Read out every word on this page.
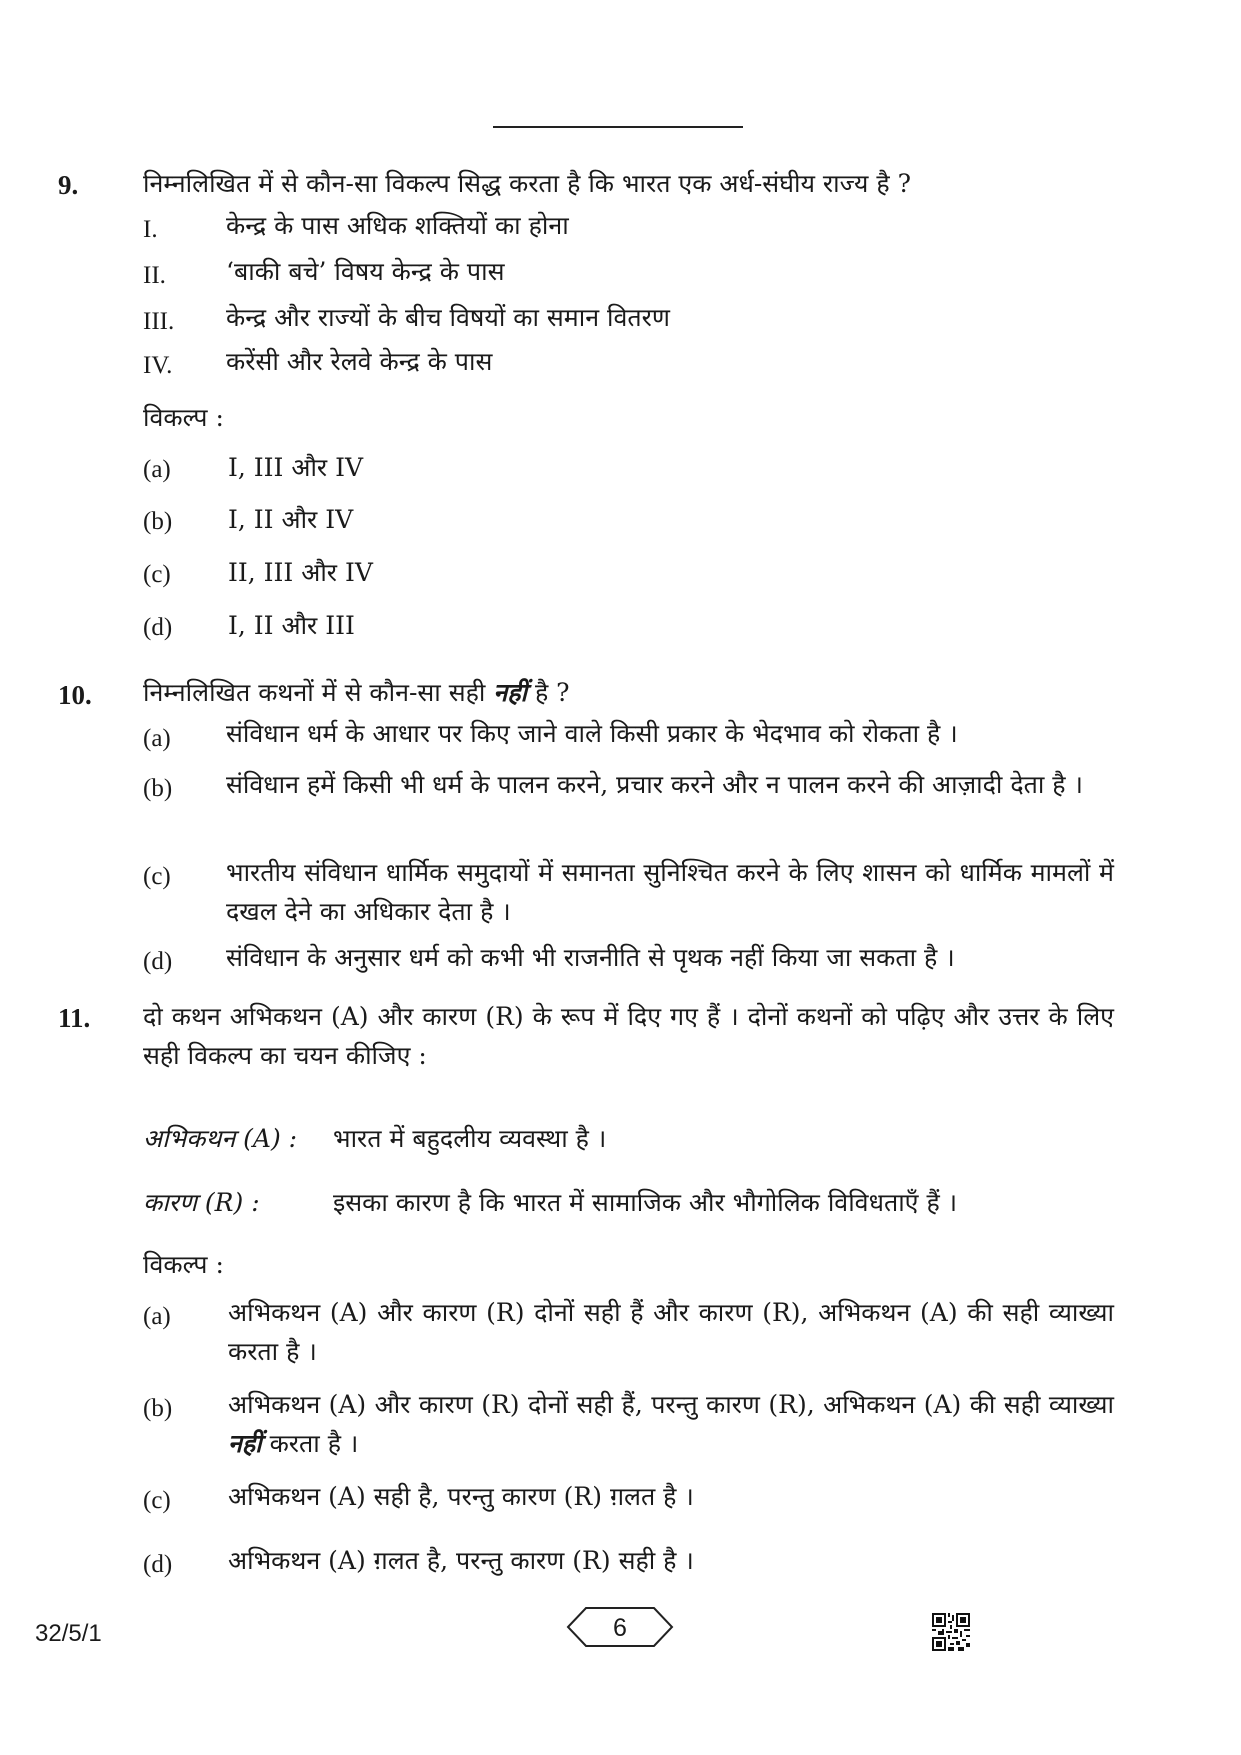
9.	निम्नलिखित में से कौन-सा विकल्प सिद्ध करता है कि भारत एक अर्ध-संघीय राज्य है ?
I.	केन्द्र के पास अधिक शक्तियों का होना
II. ‘बाकी बचे’ विषय केन्द्र के पास
III. केन्द्र और राज्यों के बीच विषयों का समान वितरण
IV. करेंसी और रेलवे केन्द्र के पास
विकल्प :
(a) I, III और IV
(b) I, II और IV
(c) II, III और IV
(d) I, II और III
10. निम्नलिखित कथनों में से कौन-सा सही नहीं है ?
(a) संविधान धर्म के आधार पर किए जाने वाले किसी प्रकार के भेदभाव को रोकता है ।
(b) संविधान हमें किसी भी धर्म के पालन करने, प्रचार करने और न पालन करने की आज़ादी देता है ।
(c) भारतीय संविधान धार्मिक समुदायों में समानता सुनिश्चित करने के लिए शासन को धार्मिक मामलों में दखल देने का अधिकार देता है ।
(d) संविधान के अनुसार धर्म को कभी भी राजनीति से पृथक नहीं किया जा सकता है ।
11. दो कथन अभिकथन (A) और कारण (R) के रूप में दिए गए हैं । दोनों कथनों को पढ़िए और उत्तर के लिए सही विकल्प का चयन कीजिए :
अभिकथन (A) : भारत में बहुदलीय व्यवस्था है ।
कारण (R) :	इसका कारण है कि भारत में सामाजिक और भौगोलिक विविधताएँ हैं ।
विकल्प :
(a) अभिकथन (A) और कारण (R) दोनों सही हैं और कारण (R), अभिकथन (A) की सही व्याख्या करता है ।
(b) अभिकथन (A) और कारण (R) दोनों सही हैं, परन्तु कारण (R), अभिकथन (A) की सही व्याख्या नहीं करता है ।
(c) अभिकथन (A) सही है, परन्तु कारण (R) ग़लत है ।
(d) अभिकथन (A) ग़लत है, परन्तु कारण (R) सही है ।
32/5/1	6
